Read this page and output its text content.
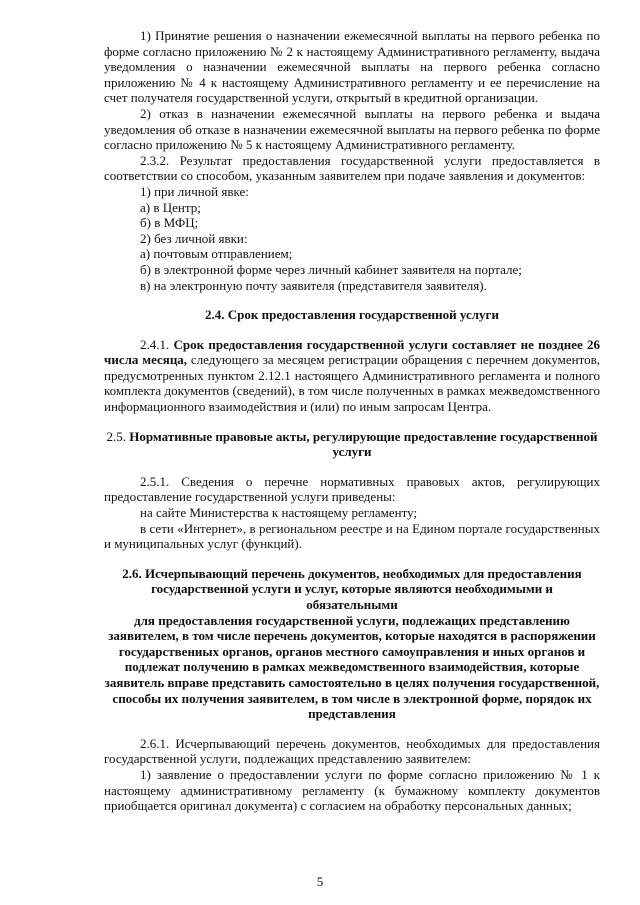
1) Принятие решения о назначении ежемесячной выплаты на первого ребенка по форме согласно приложению № 2 к настоящему Административного регламенту, выдача уведомления о назначении ежемесячной выплаты на первого ребенка согласно приложению № 4 к настоящему Административного регламенту и ее перечисление на счет получателя государственной услуги, открытый в кредитной организации.

2) отказ в назначении ежемесячной выплаты на первого ребенка и выдача уведомления об отказе в назначении ежемесячной выплаты на первого ребенка по форме согласно приложению № 5 к настоящему Административного регламенту.

2.3.2. Результат предоставления государственной услуги предоставляется в соответствии со способом, указанным заявителем при подаче заявления и документов:

1) при личной явке:

а) в Центр;

б) в МФЦ;

2) без личной явки:

а) почтовым отправлением;

б) в электронной форме через личный кабинет заявителя на портале;

в) на электронную почту заявителя (представителя заявителя).

2.4. Срок предоставления государственной услуги

2.4.1. Срок предоставления государственной услуги составляет не позднее 26 числа месяца, следующего за месяцем регистрации обращения с перечнем документов, предусмотренных пунктом 2.12.1 настоящего Административного регламента и полного комплекта документов (сведений), в том числе полученных в рамках межведомственного информационного взаимодействия и (или) по иным запросам Центра.

2.5. Нормативные правовые акты, регулирующие предоставление государственной услуги

2.5.1. Сведения о перечне нормативных правовых актов, регулирующих предоставление государственной услуги приведены:

на сайте Министерства к настоящему регламенту;

в сети «Интернет», в региональном реестре и на Едином портале государственных и муниципальных услуг (функций).

2.6. Исчерпывающий перечень документов, необходимых для предоставления государственной услуги и услуг, которые являются необходимыми и обязательными

для предоставления государственной услуги, подлежащих представлению заявителем, в том числе перечень документов, которые находятся в распоряжении государственных органов, органов местного самоуправления и иных органов и подлежат получению в рамках межведомственного взаимодействия, которые заявитель вправе представить самостоятельно в целях получения государственной, способы их получения заявителем, в том числе в электронной форме, порядок их представления

2.6.1. Исчерпывающий перечень документов, необходимых для предоставления государственной услуги, подлежащих представлению заявителем:

1) заявление о предоставлении услуги по форме согласно приложению № 1 к настоящему административному регламенту (к бумажному комплекту документов приобщается оригинал документа) с согласием на обработку персональных данных;

5
